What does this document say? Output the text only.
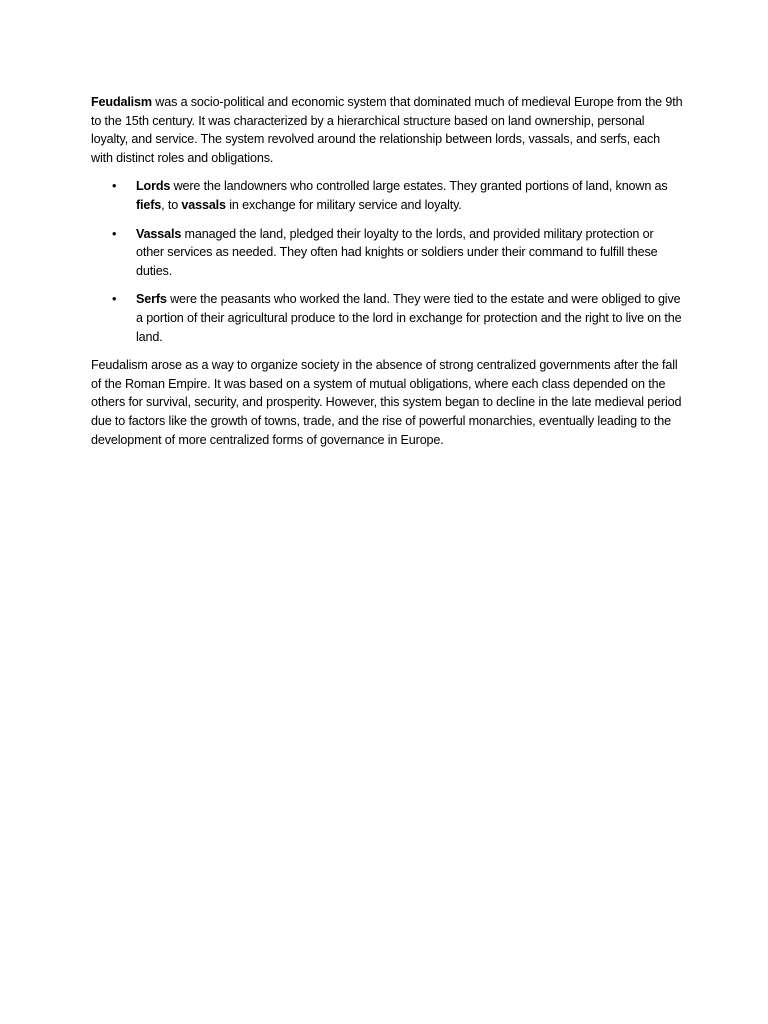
Feudalism was a socio-political and economic system that dominated much of medieval Europe from the 9th to the 15th century. It was characterized by a hierarchical structure based on land ownership, personal loyalty, and service. The system revolved around the relationship between lords, vassals, and serfs, each with distinct roles and obligations.

• Lords were the landowners who controlled large estates. They granted portions of land, known as fiefs, to vassals in exchange for military service and loyalty.
• Vassals managed the land, pledged their loyalty to the lords, and provided military protection or other services as needed. They often had knights or soldiers under their command to fulfill these duties.
• Serfs were the peasants who worked the land. They were tied to the estate and were obliged to give a portion of their agricultural produce to the lord in exchange for protection and the right to live on the land.

Feudalism arose as a way to organize society in the absence of strong centralized governments after the fall of the Roman Empire. It was based on a system of mutual obligations, where each class depended on the others for survival, security, and prosperity. However, this system began to decline in the late medieval period due to factors like the growth of towns, trade, and the rise of powerful monarchies, eventually leading to the development of more centralized forms of governance in Europe.
